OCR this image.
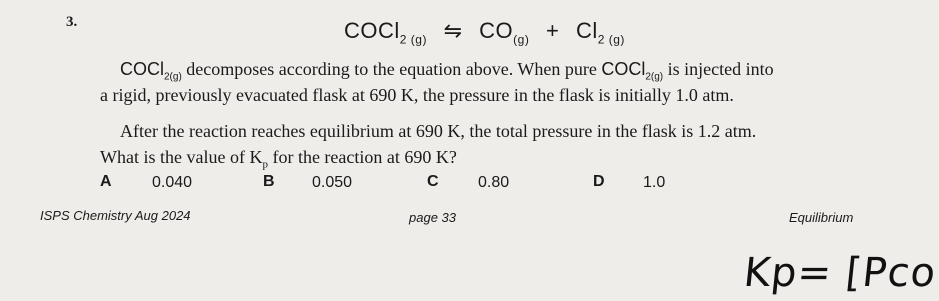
3.	COCl$_{2 (g)}$ ⇋ $CO_{(g)} + Cl_{2 (g)}$
COCl$_{2(g)}$ decomposes according to the equation above. When pure COCl$_{2(g)}$ is injected into
a rigid, previously evacuated flask at 690 K, the pressure in the flask is initially 1.0 atm.
After the reaction reaches equilibrium at 690 K, the total pressure in the flask is 1.2 atm.
What is the value of $K_p$ for the reaction at 690 K?
A	0.040	B 0.050	C 0.80	D 1.0
ISPS Chemistry Aug 2024	page 33	Equilibrium
Kp= [Pco
